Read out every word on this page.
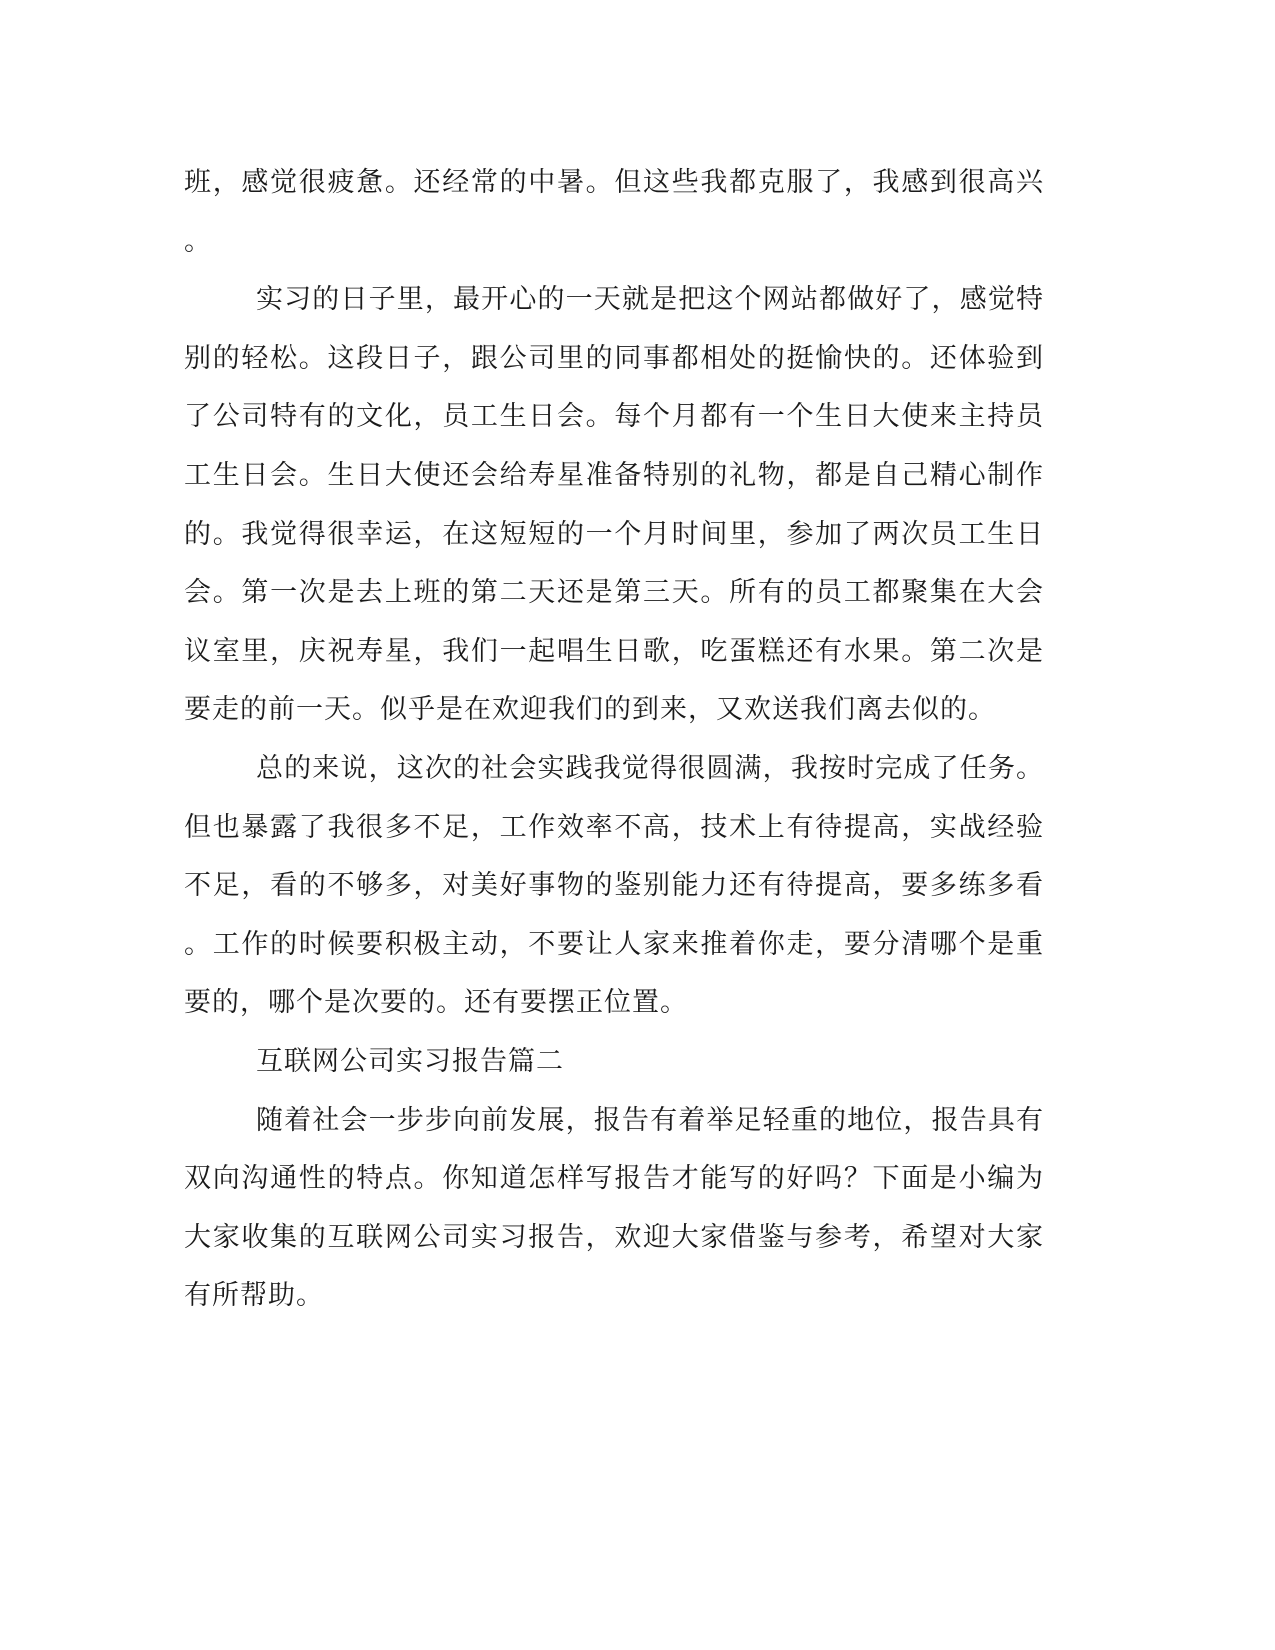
班，感觉很疲惫。还经常的中暑。但这些我都克服了，我感到很高兴
。
实习的日子里，最开心的一天就是把这个网站都做好了，感觉特
别的轻松。这段日子，跟公司里的同事都相处的挺愉快的。还体验到
了公司特有的文化，员工生日会。每个月都有一个生日大使来主持员
工生日会。生日大使还会给寿星准备特别的礼物，都是自己精心制作
的。我觉得很幸运，在这短短的一个月时间里，参加了两次员工生日
会。第一次是去上班的第二天还是第三天。所有的员工都聚集在大会
议室里，庆祝寿星，我们一起唱生日歌，吃蛋糕还有水果。第二次是
要走的前一天。似乎是在欢迎我们的到来，又欢送我们离去似的。
总的来说，这次的社会实践我觉得很圆满，我按时完成了任务。
但也暴露了我很多不足，工作效率不高，技术上有待提高，实战经验
不足，看的不够多，对美好事物的鉴别能力还有待提高，要多练多看
。工作的时候要积极主动，不要让人家来推着你走，要分清哪个是重
要的，哪个是次要的。还有要摆正位置。
互联网公司实习报告篇二
随着社会一步步向前发展，报告有着举足轻重的地位，报告具有
双向沟通性的特点。你知道怎样写报告才能写的好吗？下面是小编为
大家收集的互联网公司实习报告，欢迎大家借鉴与参考，希望对大家
有所帮助。
